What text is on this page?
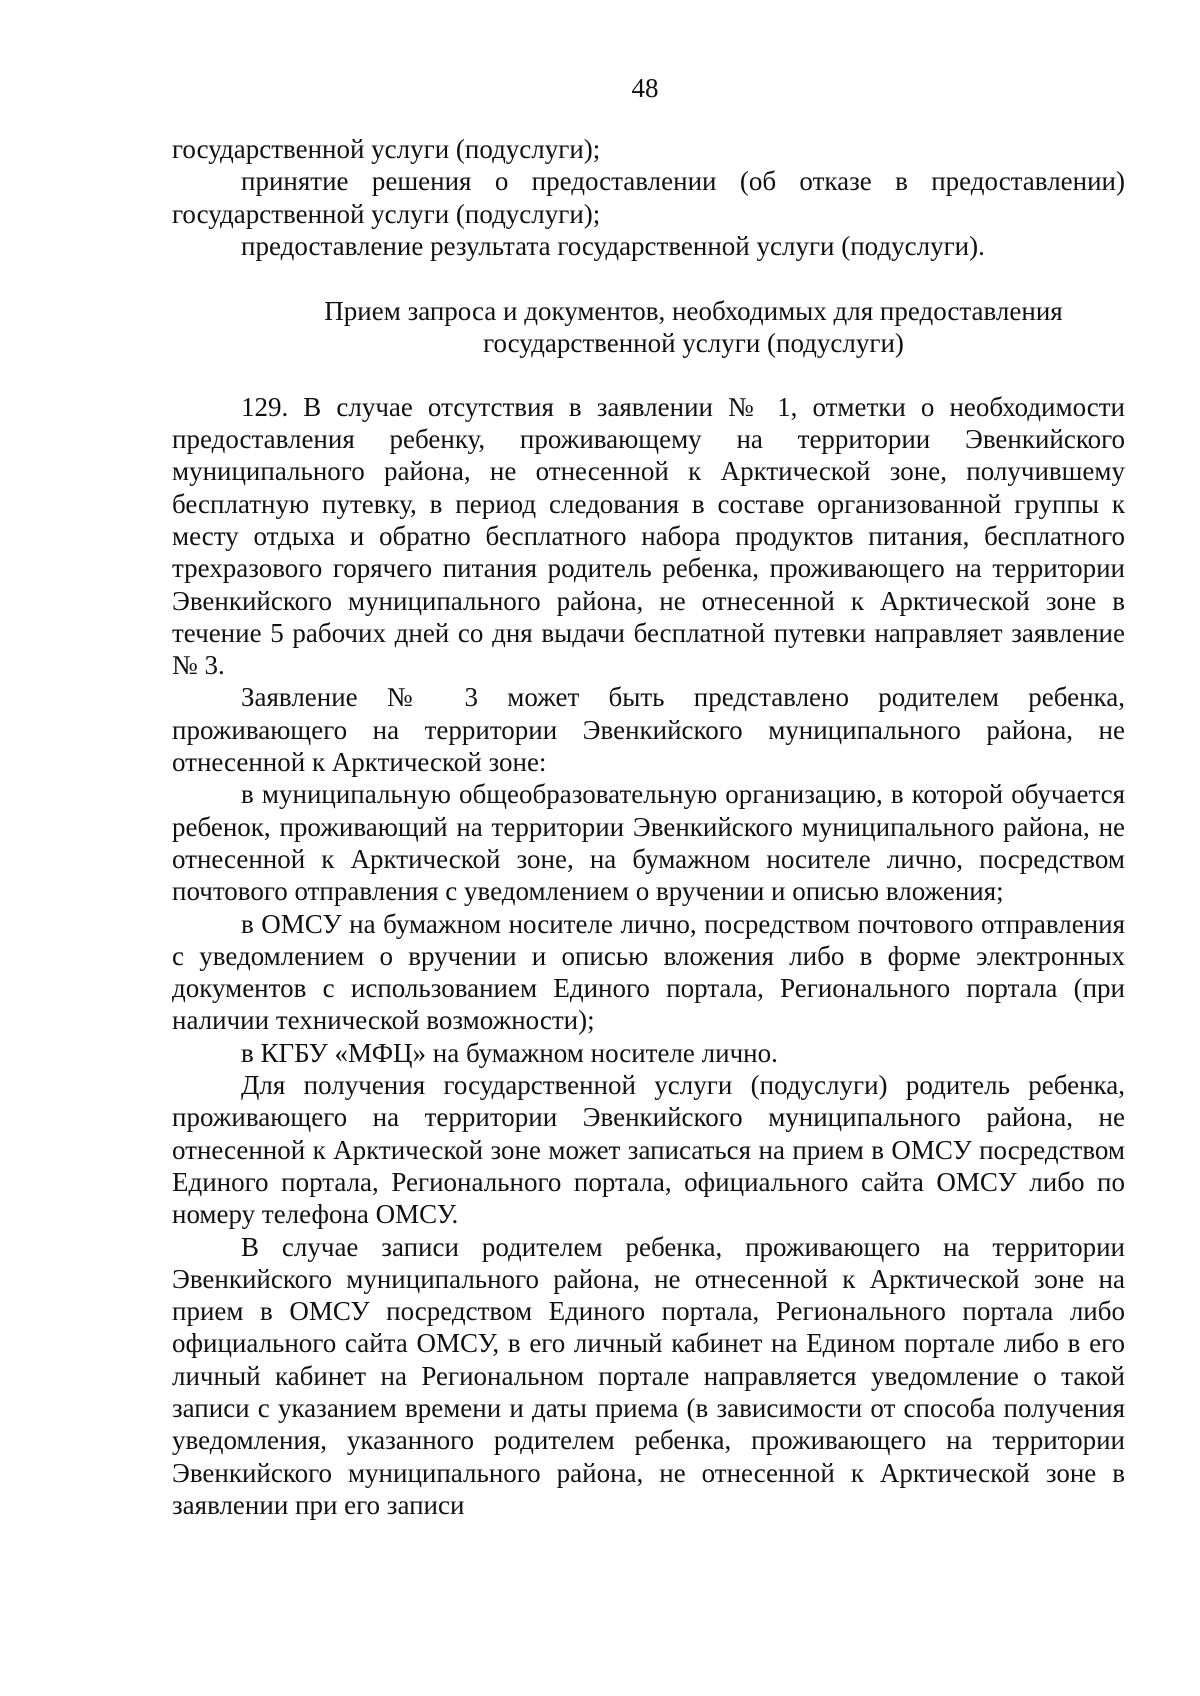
48

государственной услуги (подуслуги);

принятие решения о предоставлении (об отказе в предоставлении) государственной услуги (подуслуги);

предоставление результата государственной услуги (подуслуги).

Прием запроса и документов, необходимых для предоставления
государственной услуги (подуслуги)

129. В случае отсутствия в заявлении № 1, отметки о необходимости предоставления ребенку, проживающему на территории Эвенкийского муниципального района, не отнесенной к Арктической зоне, получившему бесплатную путевку, в период следования в составе организованной группы к месту отдыха и обратно бесплатного набора продуктов питания, бесплатного трехразового горячего питания родитель ребенка, проживающего на территории Эвенкийского муниципального района, не отнесенной к Арктической зоне в течение 5 рабочих дней со дня выдачи бесплатной путевки направляет заявление № 3.

Заявление № 3 может быть представлено родителем ребенка, проживающего на территории Эвенкийского муниципального района, не отнесенной к Арктической зоне:

в муниципальную общеобразовательную организацию, в которой обучается ребенок, проживающий на территории Эвенкийского муниципального района, не отнесенной к Арктической зоне, на бумажном носителе лично, посредством почтового отправления с уведомлением о вручении и описью вложения;

в ОМСУ на бумажном носителе лично, посредством почтового отправления с уведомлением о вручении и описью вложения либо в форме электронных документов с использованием Единого портала, Регионального портала (при наличии технической возможности);

в КГБУ «МФЦ» на бумажном носителе лично.

Для получения государственной услуги (подуслуги) родитель ребенка, проживающего на территории Эвенкийского муниципального района, не отнесенной к Арктической зоне может записаться на прием в ОМСУ посредством Единого портала, Регионального портала, официального сайта ОМСУ либо по номеру телефона ОМСУ.

В случае записи родителем ребенка, проживающего на территории Эвенкийского муниципального района, не отнесенной к Арктической зоне на прием в ОМСУ посредством Единого портала, Регионального портала либо официального сайта ОМСУ, в его личный кабинет на Едином портале либо в его личный кабинет на Региональном портале направляется уведомление о такой записи с указанием времени и даты приема (в зависимости от способа получения уведомления, указанного родителем ребенка, проживающего на территории Эвенкийского муниципального района, не отнесенной к Арктической зоне в заявлении при его записи
